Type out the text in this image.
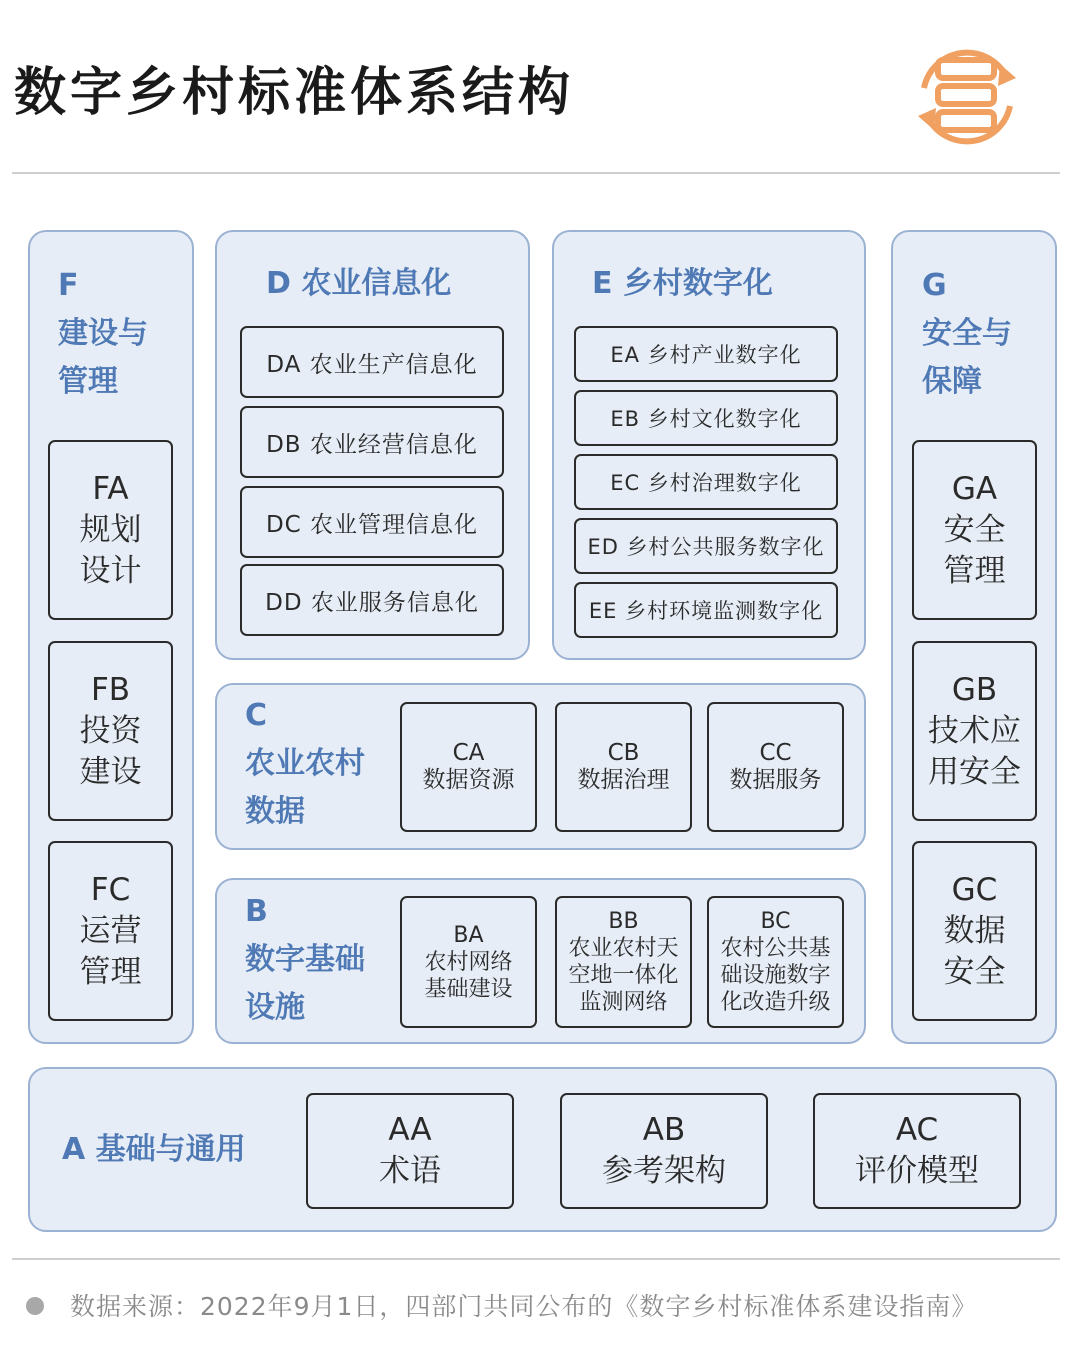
数字乡村标准体系结构
F
建设与
管理
FA
规划
设计
FB
投资
建设
FC
运营
管理
D 农业信息化
DA 农业生产信息化
DB 农业经营信息化
DC 农业管理信息化
DD 农业服务信息化
E 乡村数字化
EA 乡村产业数字化
EB 乡村文化数字化
EC 乡村治理数字化
ED 乡村公共服务数字化
EE 乡村环境监测数字化
G
安全与
保障
GA
安全
管理
GB
技术应
用安全
GC
数据
安全
C
农业农村
数据
CA
数据资源
CB
数据治理
CC
数据服务
B
数字基础
设施
BA
农村网络
基础建设
BB
农业农村天
空地一体化
监测网络
BC
农村公共基
础设施数字
化改造升级
A 基础与通用
AA
术语
AB
参考架构
AC
评价模型
数据来源：2022年9月1日，四部门共同公布的《数字乡村标准体系建设指南》
